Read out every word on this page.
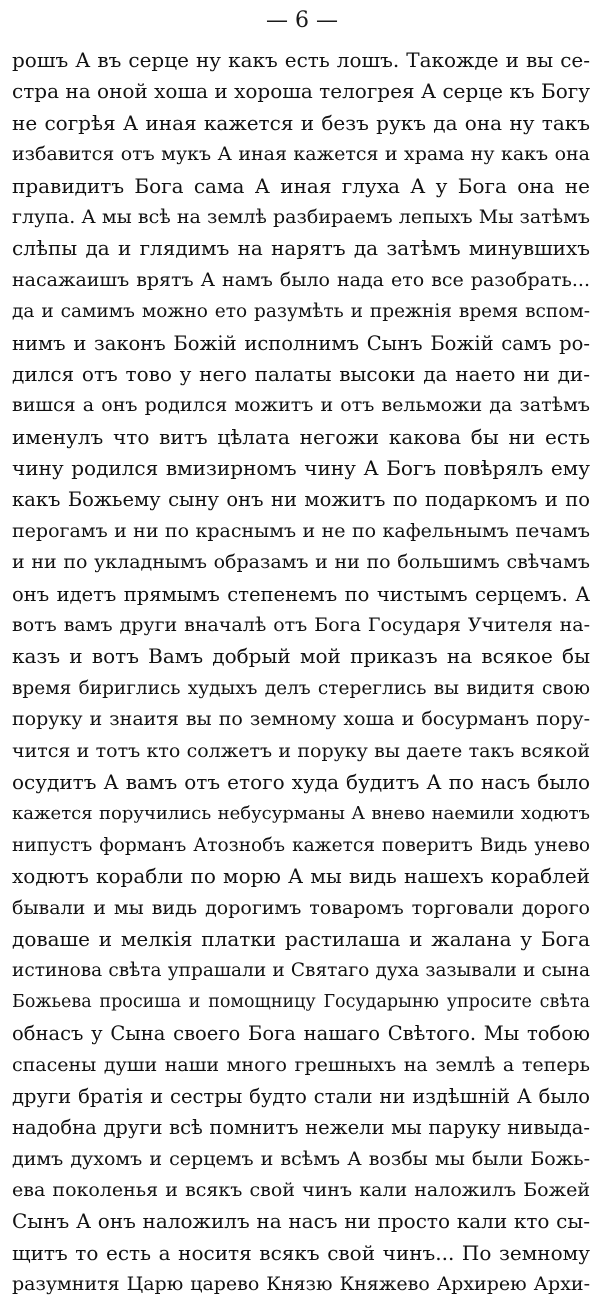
— 6 —
рошъ А въ серце ну какъ есть лошъ. Такожде и вы се-
стра на оной хоша и хороша телогрея А серце къ Богу
не согрѣя А иная кажется и безъ рукъ да она ну такъ
избавится отъ мукъ А иная кажется и храма ну какъ она
правидитъ Бога сама А иная глуха А у Бога она не
глупа. А мы всѣ на землѣ разбираемъ лепыхъ Мы затѣмъ
слѣпы да и глядимъ на нарятъ да затѣмъ минувшихъ
насажаишъ врятъ А намъ было нада ето все разобрать...
да и самимъ можно ето разумѣть и прежнія время вспом-
нимъ и законъ Божій исполнимъ Сынъ Божій самъ ро-
дился отъ тово у него палаты высоки да наето ни ди-
вишся а онъ родился можитъ и отъ вельможи да затѣмъ
именулъ что витъ цѣлата негожи какова бы ни есть
чину родился вмизирномъ чину А Богъ повѣрялъ ему
какъ Божьему сыну онъ ни можитъ по подаркомъ и по
перогамъ и ни по краснымъ и не по кафельнымъ печамъ
и ни по укладнымъ образамъ и ни по большимъ свѣчамъ
онъ идетъ прямымъ степенемъ по чистымъ серцемъ. А
вотъ вамъ други вначалѣ отъ Бога Государя Учителя на-
казъ и вотъ Вамъ добрый мой приказъ на всякое бы
время бириглись худыхъ делъ стереглись вы видитя свою
поруку и знаитя вы по земному хоша и босурманъ пору-
чится и тотъ кто солжетъ и поруку вы даете такъ всякой
осудитъ А вамъ отъ етого худа будитъ А по насъ было
кажется поручились небусурманы А внево наемили ходютъ
нипустъ форманъ Атознобъ кажется поверитъ Видь унево
ходютъ корабли по морю А мы видь нашехъ кораблей
бывали и мы видь дорогимъ товаромъ торговали дорого
доваше и мелкія платки растилаша и жалана у Бога
истинова свѣта упрашали и Святаго духа зазывали и сына
Божьева просиша и помощницу Государыню упросите свѣта
обнасъ у Сына своего Бога нашаго Свѣтого. Мы тобою
спасены души наши много грешныхъ на землѣ а теперь
други братія и сестры будто стали ни издѣшній А было
надобна други всѣ помнитъ нежели мы паруку нивыда-
димъ духомъ и серцемъ и всѣмъ А возбы мы были Божь-
ева поколенья и всякъ свой чинъ кали наложилъ Божей
Сынъ А онъ наложилъ на насъ ни просто кали кто сы-
щитъ то есть а носитя всякъ свой чинъ... По земному
разумнитя Царю царево Князю Княжево Архирею Архи-
